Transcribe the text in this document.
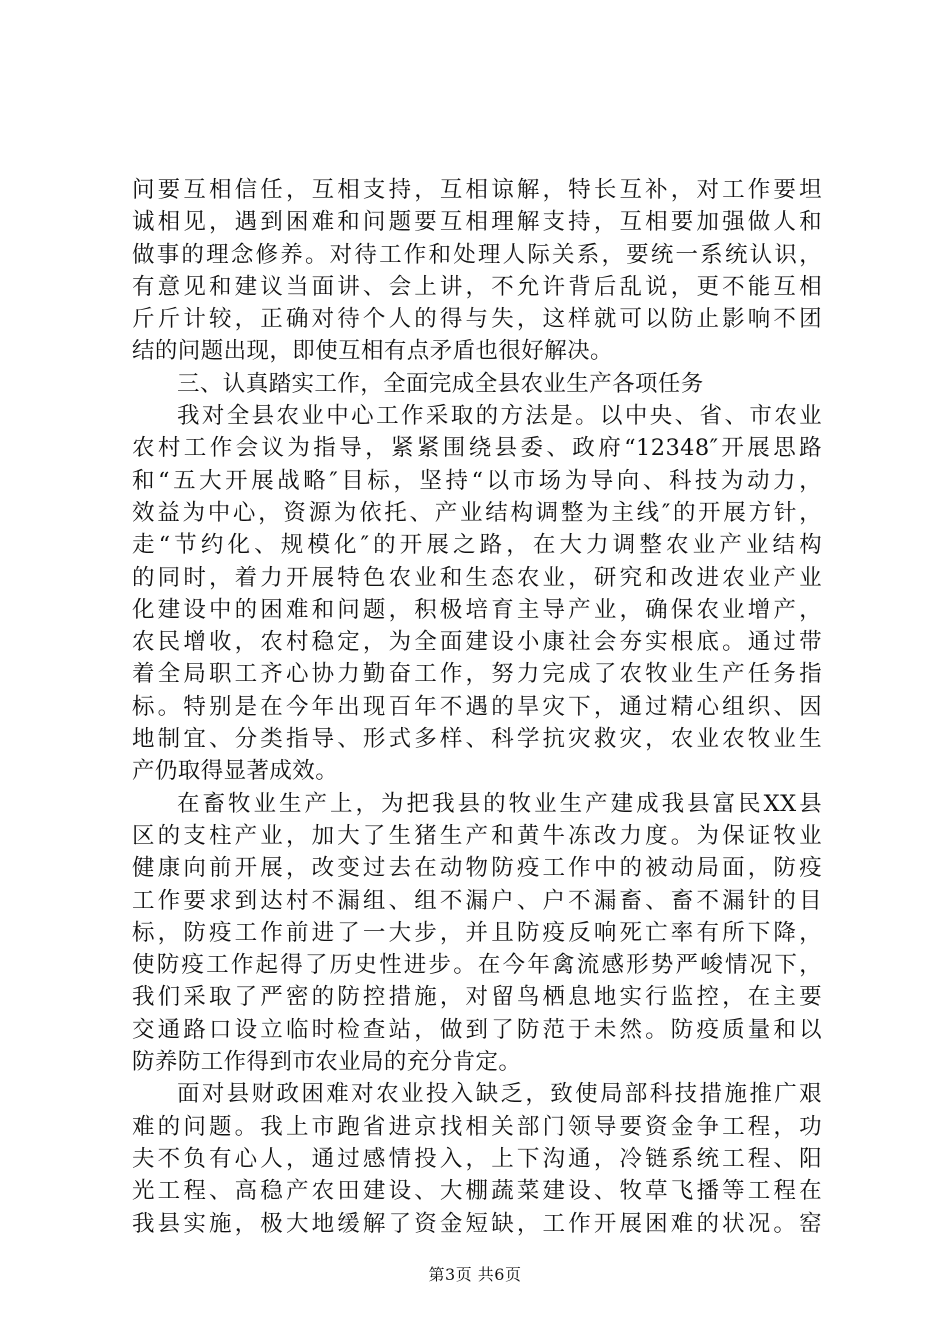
问要互相信任，互相支持，互相谅解，特长互补，对工作要坦
诚相见，遇到困难和问题要互相理解支持，互相要加强做人和
做事的理念修养。对待工作和处理人际关系，要统一系统认识，
有意见和建议当面讲、会上讲，不允许背后乱说，更不能互相
斤斤计较，正确对待个人的得与失，这样就可以防止影响不团
结的问题出现，即使互相有点矛盾也很好解决。
三、认真踏实工作，全面完成全县农业生产各项任务
我对全县农业中心工作采取的方法是。以中央、省、市农业
农村工作会议为指导，紧紧围绕县委、政府“12348″开展思路
和“五大开展战略″目标，坚持“以市场为导向、科技为动力，
效益为中心，资源为依托、产业结构调整为主线″的开展方针，
走“节约化、规模化″的开展之路，在大力调整农业产业结构
的同时，着力开展特色农业和生态农业，研究和改进农业产业
化建设中的困难和问题，积极培育主导产业，确保农业增产，
农民增收，农村稳定，为全面建设小康社会夯实根底。通过带
着全局职工齐心协力勤奋工作，努力完成了农牧业生产任务指
标。特别是在今年出现百年不遇的旱灾下，通过精心组织、因
地制宜、分类指导、形式多样、科学抗灾救灾，农业农牧业生
产仍取得显著成效。
在畜牧业生产上，为把我县的牧业生产建成我县富民XX县
区的支柱产业，加大了生猪生产和黄牛冻改力度。为保证牧业
健康向前开展，改变过去在动物防疫工作中的被动局面，防疫
工作要求到达村不漏组、组不漏户、户不漏畜、畜不漏针的目
标，防疫工作前进了一大步，并且防疫反响死亡率有所下降，
使防疫工作起得了历史性进步。在今年禽流感形势严峻情况下，
我们采取了严密的防控措施，对留鸟栖息地实行监控，在主要
交通路口设立临时检查站，做到了防范于未然。防疫质量和以
防养防工作得到市农业局的充分肯定。
面对县财政困难对农业投入缺乏，致使局部科技措施推广艰
难的问题。我上市跑省进京找相关部门领导要资金争工程，功
夫不负有心人，通过感情投入，上下沟通，冷链系统工程、阳
光工程、高稳产农田建设、大棚蔬菜建设、牧草飞播等工程在
我县实施，极大地缓解了资金短缺，工作开展困难的状况。窑
第3页 共6页
